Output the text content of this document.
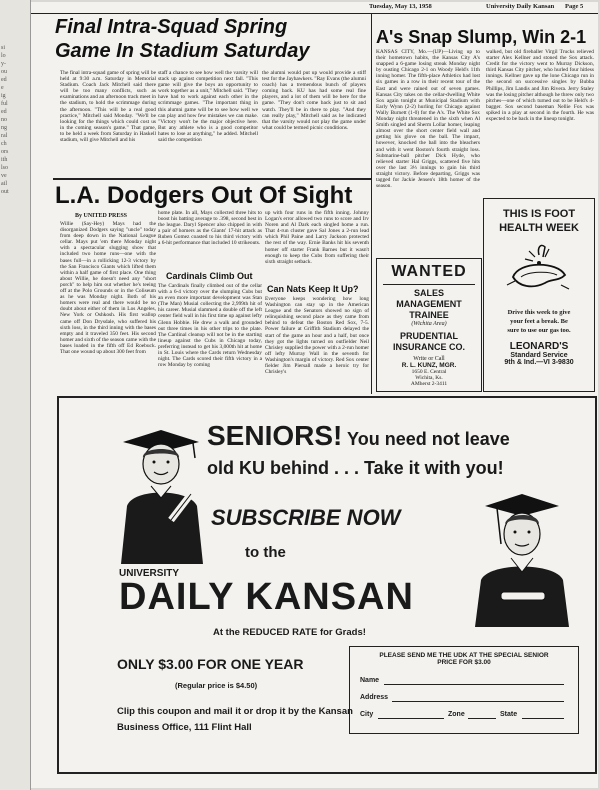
si
lo
y-
ou
ed
e
ig
ful
ed
no
ng
ral
ch
ors
ith
lso
ve
ail
out
Tuesday, May 13, 1958	University Daily Kansan Page 5
Final Intra-Squad Spring
Game In Stadium Saturday
The final intra-squad game of spring will be held at 9:30 a.m. Saturday in Memorial Stadium. Coach Jack Mitchell said there will be too many conflicts, such as examinations and an afternoon track meet in the stadium, to hold the scrimmage during the afternoon. "This will be a real good practice," Mitchell said Monday. "We'll be looking for the things which could cost us in the coming season's game." That game, to be held a week from Saturday in Haskell stadium, will give Mitchell and his
staff a chance to see how well the varsity will stack up against competition next fall. "This game will give the boys an opportunity to work together as a unit," Mitchell said. "They have had to work against each other in the scrimmage games. "The important thing in this alumni game will be to see how well we can play and how few mistakes we can make. "Victory won't be the major objective here. But any athlete who is a good competitor hates to lose at anything," he added. Mitchell said the competition
the alumni would put up would provide a stiff test for the Jayhawkers. "Ray Evans (the alumni coach) has a tremendous bunch of players coming back. KU has had some real fine players, and a lot of them will be here for the game. "They don't come back just to sit and watch. They'll be in there to play. "And they can really play," Mitchell said as he indicated that the varsity would not play the game under what could be termed picnic conditions.
A's Snap Slump, Win 2-1
KANSAS CITY, Mo.—(UP)—Living up to their hometown habits, the Kansas City A's snapped a 6-game losing streak Monday night by ousting Chicago 2-1 on Woody Held's 11th inning homer. The fifth-place Athletics had lost six games in a row in their recent tour of the East and were rained out of seven games. Kansas City takes on the cellar-dwelling White Sox again tonight at Municipal Stadium with Early Wynn (2-2) hurling for Chicago against Wally Burnett (1-0) for the A's. The White Sox Monday night threatened in the sixth when Al Smith singled and Sherm Lollar homer, leaping almost over the short center field wall and getting his glove on the ball. The impact, however, knocked the ball into the bleachers and with it went Boston's fourth straight loss. Submarine-ball pitcher Dick Hyde, who relieved starter Hal Griggs, scattered five hits over the last 3⅓ innings to gain his third straight victory. Before departing, Griggs was tagged for Jackie Jensen's 18th homer of the season.
walked, but old fireballer Virgil Trucks relieved starter Alex Kellner and stoned the Sox attack. Credit for the victory went to Murray Dickson, third Kansas City pitcher, who hurled four hitless innings. Kellner gave up the lone Chicago run in the second on successive singles by Bubba Phillips, Jim Landis and Jim Rivera. Jerry Staley was the losing pitcher although he threw only two pitches—one of which turned out to be Held's 4-bagger. Sox second baseman Nellie Fox was spiked in a play at second in the fourth. He was expected to be back in the lineup tonight.
L.A. Dodgers Out Of Sight
By UNITED PRESS
Willie (Say-Hey) Mays had the disorganized Dodgers saying "uncle" today from deep down in the National League cellar. Mays put 'em there Monday night with a spectacular slugging show that included two home runs—one with the bases full—in a rollicking 12-3 victory by the San Francisco Giants which lifted them within a half game of first place. One thing about Willie, he doesn't need any "short porch" to help him out whether he's teeing off at the Polo Grounds or in the Coliseum as he was Monday night. Both of his homers were real and there would be no doubt about either of them in Los Angeles, New York or Oshkosh. His first wallop came off Don Drysdale, who suffered his sixth loss, in the third inning with the bases empty and it traveled 350 feet. His second homer and sixth of the season came with the bases loaded in the fifth off Ed Roebuck. That one wound up about 300 feet from
home plate. In all, Mays collected three hits to boost his batting average to .398, second best in the league. Daryl Spencer also chipped in with a pair of homers as the Giants' 17-hit attack as Ruben Gomez coasted to his third victory with a 6-hit performance that included 10 strikeouts.
Cardinals Climb Out
The Cardinals finally climbed out of the cellar with a 6-4 victory over the slumping Cubs but an even more important development was Stan (The Man) Musial collecting the 2,999th hit of his career. Musial slammed a double off the left center field wall in his first time up against lefty Glenn Hobbie. He drew a walk and grounded out three times in his other trips to the plate. The Cardinal cleanup will not be in the starting lineup against the Cubs in Chicago today, preferring instead to get his 3,000th hit at home in St. Louis where the Cards return Wednesday night. The Cards scored their fifth victory in a row Monday by coming
up with four runs in the fifth inning. Johnny Logan's error allowed two runs to score and Irv Noren and Al Dark each singled home a run. That 4-run cluster gave Sal Jones a 2-run lead which Phil Paine and Larry Jackson protected the rest of the way. Ernie Banks hit his seventh homer off starter Frank Barnes but it wasn't enough to keep the Cubs from suffering their sixth straight setback.
Can Nats Keep It Up?
Everyone keeps wondering how long Washington can stay up in the American League and the Senators showed no sign of relinquishing second place as they came from behind to defeat the Boston Red Sox, 7-5. Power failure at Griffith Stadium delayed the start of the game an hour and a half, but once they got the lights turned on outfielder Neil Chrisley supplied the power with a 2-run homer off lefty Murray Wall in the seventh for Washington's margin of victory. Red Sox center fielder Jim Piersall made a heroic try for Chrisley's
WANTED
SALES
MANAGEMENT
TRAINEE
(Wichita Area)
PRUDENTIAL
INSURANCE CO.
Write or Call
R. L. KUNZ, MGR.
1650 E. Central
Wichita, Ks.
AMherst 2-3411
THIS IS FOOT
HEALTH WEEK
Drive this week to give
your feet a break. Be
sure to use our gas too.
LEONARD'S
Standard Service
9th & Ind.—VI 3-9830
SENIORS! You need not leave
old KU behind . . . Take it with you!
SUBSCRIBE NOW
to the
UNIVERSITY
DAILY KANSAN
At the REDUCED RATE for Grads!
ONLY $3.00 FOR ONE YEAR
(Regular price is $4.50)
Clip this coupon and mail it or drop it by the Kansan
Business Office, 111 Flint Hall
PLEASE SEND ME THE UDK AT THE SPECIAL SENIOR
PRICE FOR $3.00
Name
Address
City	Zone	State
